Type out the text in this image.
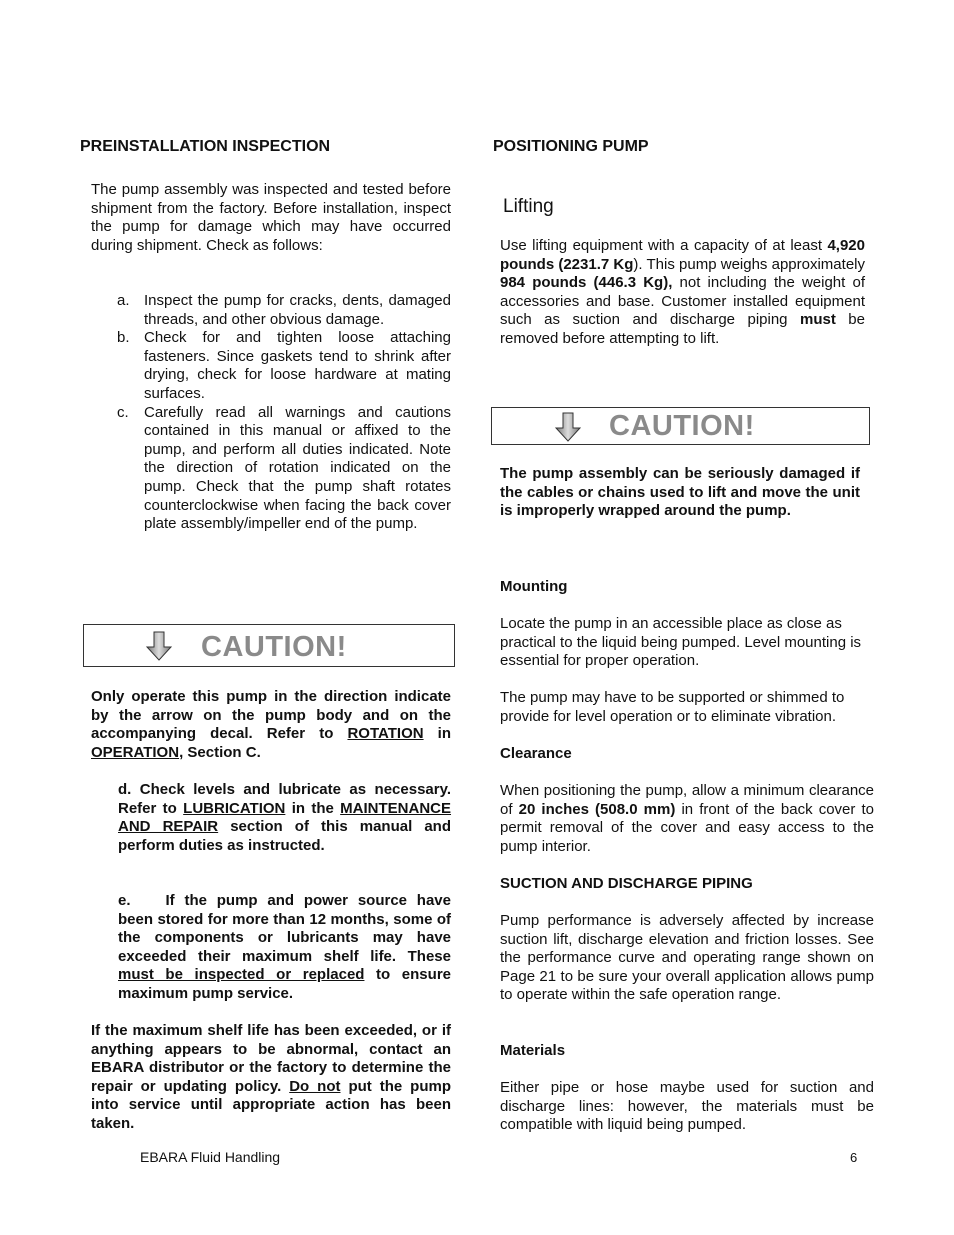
PREINSTALLATION INSPECTION

The pump assembly was inspected and tested before shipment from the factory. Before installation, inspect the pump for damage which may have occurred during shipment. Check as follows:

a. Inspect the pump for cracks, dents, damaged threads, and other obvious damage.
b. Check for and tighten loose attaching fasteners. Since gaskets tend to shrink after drying, check for loose hardware at mating surfaces.
c. Carefully read all warnings and cautions contained in this manual or affixed to the pump, and perform all duties indicated. Note the direction of rotation indicated on the pump. Check that the pump shaft rotates counterclockwise when facing the back cover plate assembly/impeller end of the pump.
CAUTION!

Only operate this pump in the direction indicate by the arrow on the pump body and on the accompanying decal. Refer to ROTATION in OPERATION, Section C.

d. Check levels and lubricate as necessary. Refer to LUBRICATION in the MAINTENANCE AND REPAIR section of this manual and perform duties as instructed.

e. If the pump and power source have been stored for more than 12 months, some of the components or lubricants may have exceeded their maximum shelf life. These must be inspected or replaced to ensure maximum pump service.

If the maximum shelf life has been exceeded, or if anything appears to be abnormal, contact an EBARA distributor or the factory to determine the repair or updating policy. Do not put the pump into service until appropriate action has been taken.

POSITIONING PUMP
Lifting

Use lifting equipment with a capacity of at least 4,920 pounds (2231.7 Kg). This pump weighs approximately 984 pounds (446.3 Kg), not including the weight of accessories and base. Customer installed equipment such as suction and discharge piping must be removed before attempting to lift.

CAUTION!

The pump assembly can be seriously damaged if the cables or chains used to lift and move the unit is improperly wrapped around the pump.

Mounting

Locate the pump in an accessible place as close as practical to the liquid being pumped. Level mounting is essential for proper operation.

The pump may have to be supported or shimmed to provide for level operation or to eliminate vibration.

Clearance

When positioning the pump, allow a minimum clearance of 20 inches (508.0 mm) in front of the back cover to permit removal of the cover and easy access to the pump interior.

SUCTION AND DISCHARGE PIPING

Pump performance is adversely affected by increase suction lift, discharge elevation and friction losses. See the performance curve and operating range shown on Page 21 to be sure your overall application allows pump to operate within the safe operation range.

Materials

Either pipe or hose maybe used for suction and discharge lines: however, the materials must be compatible with liquid being pumped.

EBARA Fluid Handling	6
